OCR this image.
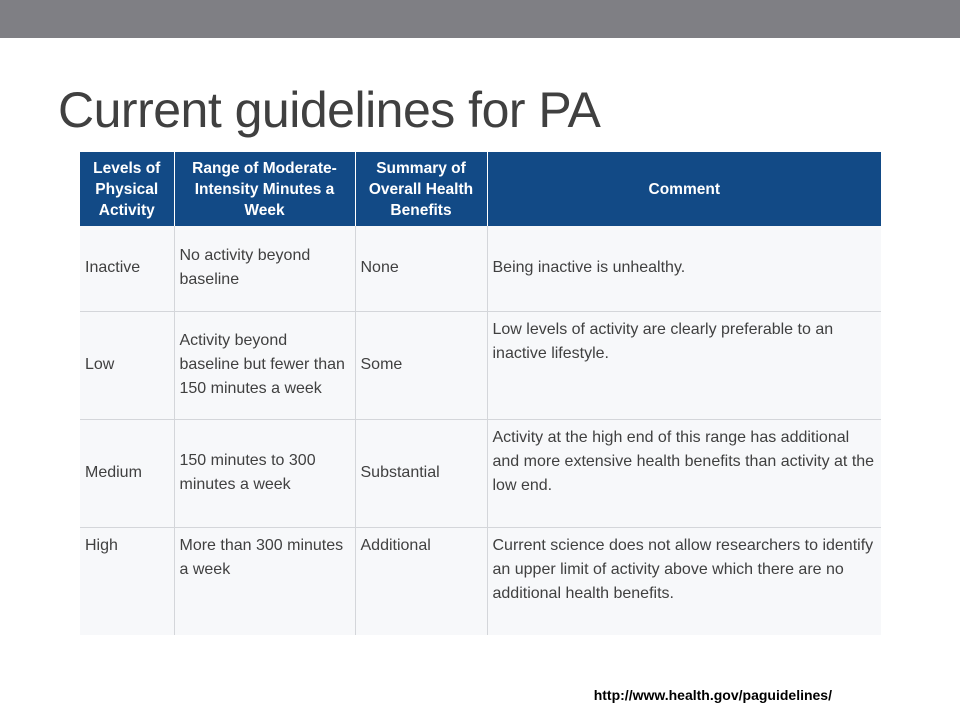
Current guidelines for PA
Levels of Physical Activity	Range of Moderate-Intensity Minutes a Week	Summary of Overall Health Benefits	Comment
Inactive	No activity beyond baseline	None	Being inactive is unhealthy.
Low	Activity beyond baseline but fewer than 150 minutes a week	Some	Low levels of activity are clearly preferable to an inactive lifestyle.
Medium	150 minutes to 300 minutes a week	Substantial	Activity at the high end of this range has additional and more extensive health benefits than activity at the low end.
High	More than 300 minutes a week	Additional	Current science does not allow researchers to identify an upper limit of activity above which there are no additional health benefits.
http://www.health.gov/paguidelines/
